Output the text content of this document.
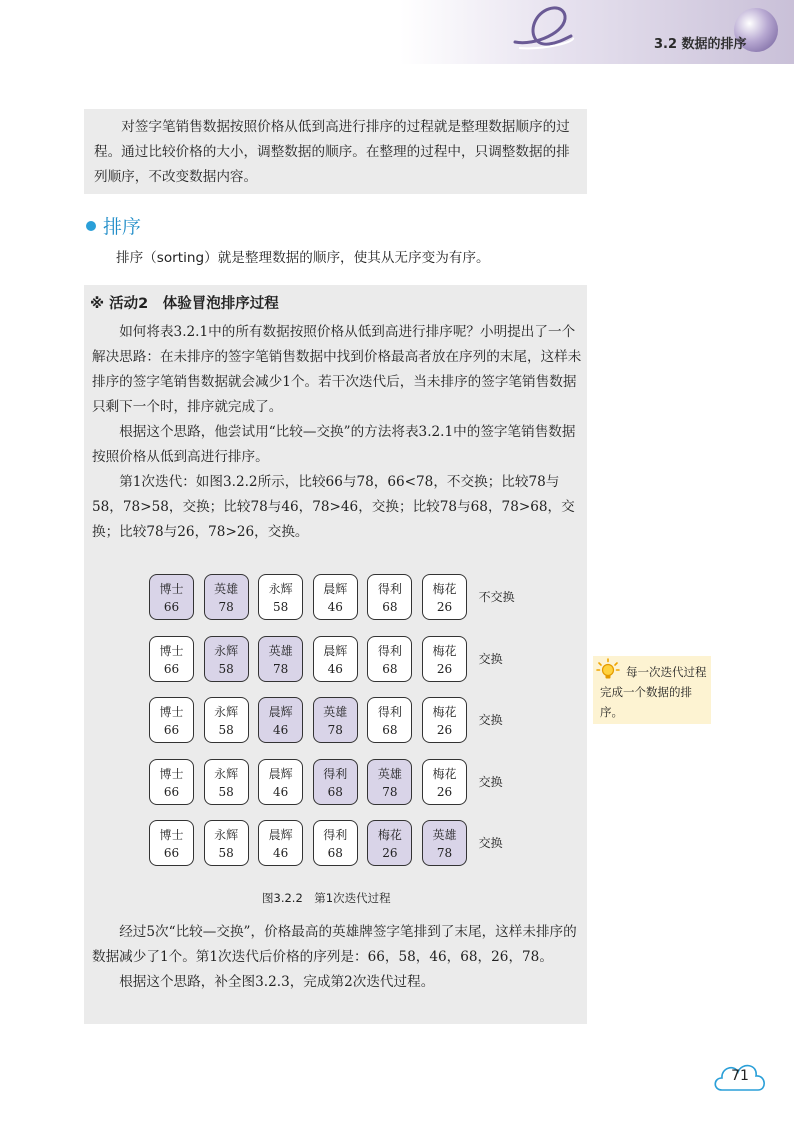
3.2 数据的排序

对签字笔销售数据按照价格从低到高进行排序的过程就是整理数据顺序的过程。通过比较价格的大小，调整数据的顺序。在整理的过程中，只调整数据的排列顺序，不改变数据内容。

排序
排序（sorting）就是整理数据的顺序，使其从无序变为有序。
※ 活动2　体验冒泡排序过程

如何将表3.2.1中的所有数据按照价格从低到高进行排序呢？小明提出了一个解决思路：在未排序的签字笔销售数据中找到价格最高者放在序列的末尾，这样未排序的签字笔销售数据就会减少1个。若干次迭代后，当未排序的签字笔销售数据只剩下一个时，排序就完成了。

根据这个思路，他尝试用“比较—交换”的方法将表3.2.1中的签字笔销售数据按照价格从低到高进行排序。

第1次迭代：如图3.2.2所示，比较66与78，66<78，不交换；比较78与58，78>58，交换；比较78与46，78>46，交换；比较78与68，78>68，交换；比较78与26，78>26，交换。

博士
66
英雄
78
永辉
58
晨辉
46
得利
68
梅花
26
不交换
博士
66
永辉
58
英雄
78
晨辉
46
得利
68
梅花
26
交换
博士
66
永辉
58
晨辉
46
英雄
78
得利
68
梅花
26
交换
博士
66
永辉
58
晨辉
46
得利
68
英雄
78
梅花
26
交换
博士
66
永辉
58
晨辉
46
得利
68
梅花
26
英雄
78
交换
图3.2.2　第1次迭代过程

经过5次“比较—交换”，价格最高的英雄牌签字笔排到了末尾，这样未排序的数据减少了1个。第1次迭代后价格的序列是：66，58，46，68，26，78。

根据这个思路，补全图3.2.3，完成第2次迭代过程。

每一次迭代过程完成一个数据的排序。
71
